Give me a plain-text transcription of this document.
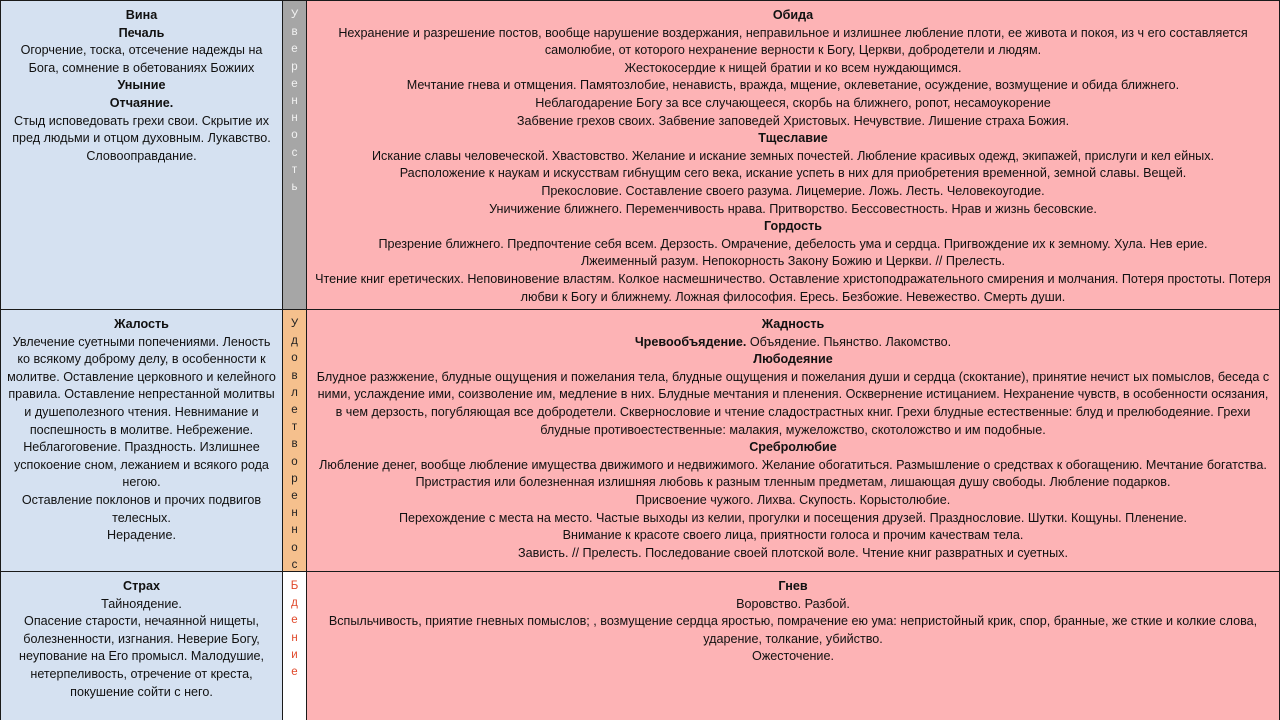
Вина
Печаль
Огорчение, тоска, отсечение надежды на Бога, сомнение в обетованиях Божиих
Уныние
Отчаяние.
Стыд исповедовать грехи свои. Скрытие их пред людьми и отцом духовным. Лукавство. Словооправдание.
У
в
е
р
е
н
н
о
с
т
ь
Обида
Нехранение и разрешение постов, вообще нарушение воздержания, неправильное и излишнее любление плоти, ее живота и покоя, из ч его составляется самолюбие, от которого нехранение верности к Богу, Церкви, добродетели и людям.
Жестокосердие к нищей братии и ко всем нуждающимся.
Мечтание гнева и отмщения. Памятозлобие, ненависть, вражда, мщение, оклеветание, осуждение, возмущение и обида ближнего.
Неблагодарение Богу за все случающееся, скорбь на ближнего, ропот, несамоукорение
Забвение грехов своих. Забвение заповедей Христовых. Нечувствие. Лишение страха Божия.
Тщеславие
Искание славы человеческой. Хвастовство. Желание и искание земных почестей. Любление красивых одежд, экипажей, прислуги и кел ейных.
Расположение к наукам и искусствам гибнущим сего века, искание успеть в них для приобретения временной, земной славы. Вещей.
Прекословие. Составление своего разума. Лицемерие. Ложь. Лесть. Человекоугодие.
Уничижение ближнего. Переменчивость нрава. Притворство. Бессовестность. Нрав и жизнь бесовские.
Гордость
Презрение ближнего. Предпочтение себя всем. Дерзость. Омрачение, дебелость ума и сердца. Пригвождение их к земному. Хула. Нев ерие.
Лжеименный разум. Непокорность Закону Божию и Церкви. // Прелесть.
Чтение книг еретических. Неповиновение властям. Колкое насмешничество. Оставление христоподражательного смирения и молчания. Потеря простоты. Потеря любви к Богу и ближнему. Ложная философия. Ересь. Безбожие. Невежество. Смерть души.
Жалость
Увлечение суетными попечениями. Леность ко всякому доброму делу, в особенности к молитве. Оставление церковного и келейного правила. Оставление непрестанной молитвы и душеполезного чтения. Невнимание и поспешность в молитве. Небрежение. Неблагоговение. Праздность. Излишнее успокоение сном, лежанием и всякого рода негою.
Оставление поклонов и прочих подвигов телесных.
Нерадение.
У
д
о
в
л
е
т
в
о
р
е
н
н
о
с
Жадность
Чревообъядение. Объядение. Пьянство. Лакомство.
Любодеяние
Блудное разжжение, блудные ощущения и пожелания тела, блудные ощущения и пожелания души и сердца (скоктание), принятие нечист ых помыслов, беседа с ними, услаждение ими, соизволение им, медление в них. Блудные мечтания и пленения. Осквернение истицанием. Нехранение чувств, в особенности осязания, в чем дерзость, погубляющая все добродетели. Сквернословие и чтение сладострастных книг. Грехи блудные естественные: блуд и прелюбодеяние. Грехи блудные противоестественные: малакия, мужеложство, скотоложство и им подобные.
Сребролюбие
Люблениe денег, вообще любление имущества движимого и недвижимого. Желание обогатиться. Размышление о средствах к обогащению. Мечтание богатства. Пристрастия или болезненная излишняя любовь к разным тленным предметам, лишающая душу свободы. Любление подарков.
Присвоение чужого. Лихва. Скупость. Корыстолюбие.
Перехождение с места на место. Частые выходы из келии, прогулки и посещения друзей. Празднословие. Шутки. Кощуны. Пленение.
Внимание к красоте своего лица, приятности голоса и прочим качествам тела.
Зависть. // Прелесть. Последование своей плотской воле. Чтение книг развратных и суетных.
Страх
Тайноядение.
Опасение старости, нечаянной нищеты, болезненности, изгнания. Неверие Богу, неупование на Его промысл. Малодушие, нетерпеливость, отречение от креста, покушение сойти с него.
Б
д
е
н
и
е
Гнев
Воровство. Разбой.
Вспыльчивость, приятие гневных помыслов; , возмущение сердца яростью, помрачение ею ума: непристойный крик, спор, бранные, же сткие и колкие слова, ударение, толкание, убийство.
Ожесточение.
